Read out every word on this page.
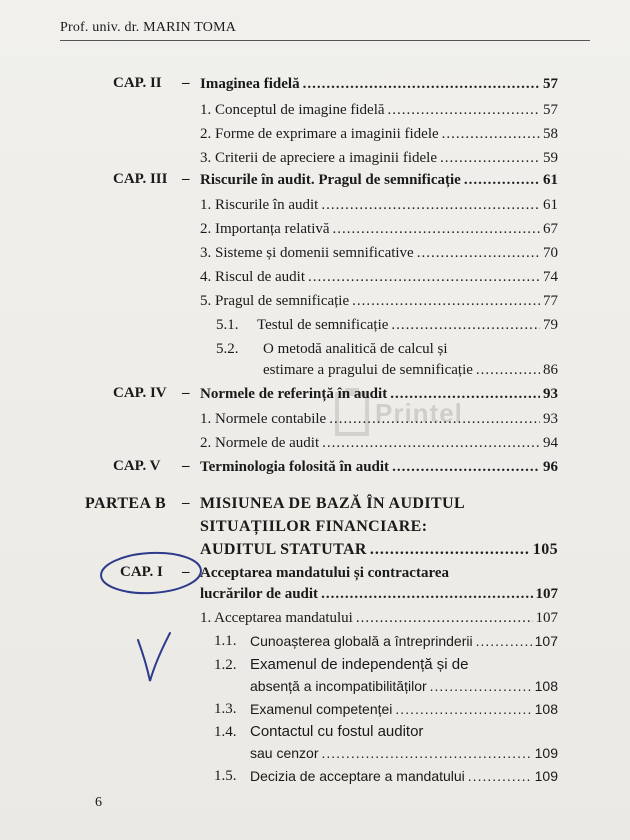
Prof. univ. dr. MARIN TOMA
Printel
CAP. II – Imaginea fidelă .....	57
1. Conceptul de imagine fidelă .....	57
2. Forme de exprimare a imaginii fidele .....	58
3. Criterii de apreciere a imaginii fidele .....	59
CAP. III – Riscurile în audit. Pragul de semnificație .....	61
1. Riscurile în audit .....	61
2. Importanța relativă .....	67
3. Sisteme și domenii semnificative .....	70
4. Riscul de audit .....	74
5. Pragul de semnificație .....	77
5.1. Testul de semnificație .....	79
5.2. O metodă analitică de calcul și
estimare a pragului de semnificație .....	86
CAP. IV – Normele de referință în audit .....	93
1. Normele contabile .....	93
2. Normele de audit .....	94
CAP. V – Terminologia folosită în audit .....	96
PARTEA B – MISIUNEA DE BAZĂ ÎN AUDITUL
SITUAȚIILOR FINANCIARE:
AUDITUL STATUTAR .....	105
CAP. I – Acceptarea mandatului și contractarea
lucrărilor de audit .....	107
1. Acceptarea mandatului .....	107
1.1. Cunoașterea globală a întreprinderii .....	107
1.2. Examenul de independență și de
absență a incompatibilităților .....	108
1.3. Examenul competenței .....	108
1.4. Contactul cu fostul auditor
sau cenzor .....	109
1.5. Decizia de acceptare a mandatului .....	109
6
